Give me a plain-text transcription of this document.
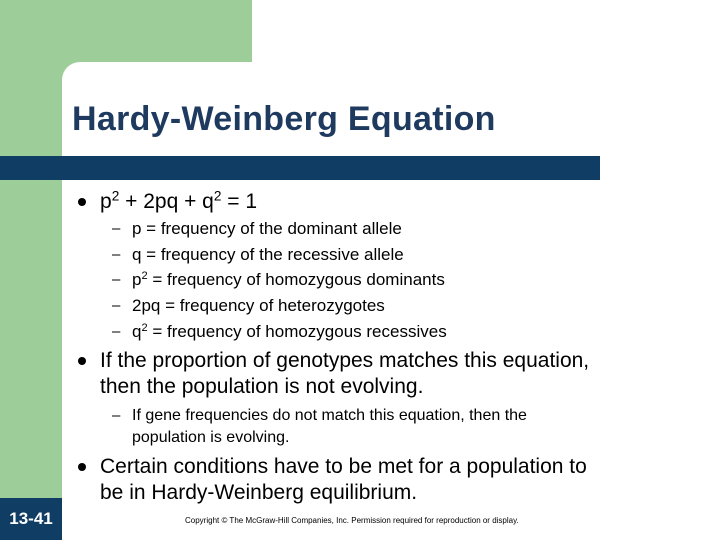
Hardy-Weinberg Equation
$p^2 + 2pq + q^2 = 1$
– p = frequency of the dominant allele
– q = frequency of the recessive allele
– $p^2$ = frequency of homozygous dominants
– 2pq = frequency of heterozygotes
– $q^2$ = frequency of homozygous recessives
If the proportion of genotypes matches this equation,
then the population is not evolving.
– If gene frequencies do not match this equation, then the
population is evolving.
Certain conditions have to be met for a population to
be in Hardy-Weinberg equilibrium.
13-41	Copyright © The McGraw-Hill Companies, Inc. Permission required for reproduction or display.
